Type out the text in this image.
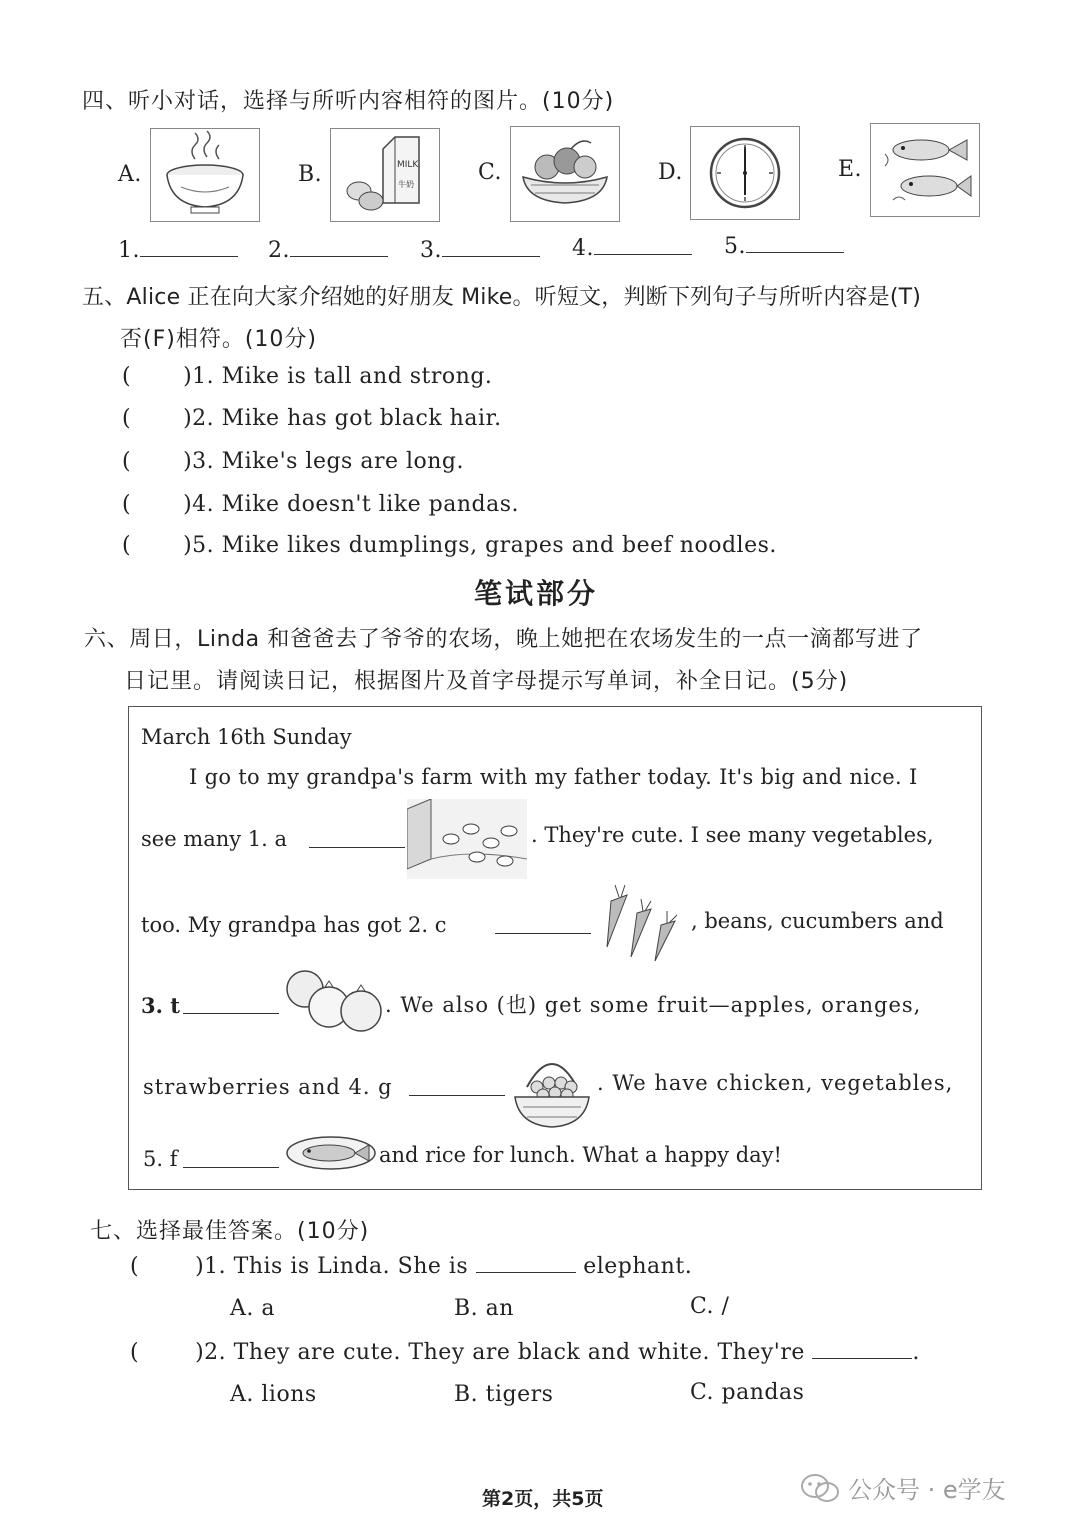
四、听小对话，选择与所听内容相符的图片。(10分)
A.	B.	MILK
牛奶	C.	D.	E.
1.	2.	3.	4.	5.
五、Alice 正在向大家介绍她的好朋友 Mike。听短文，判断下列句子与所听内容是(T)
否(F)相符。(10分)
( )1. Mike is tall and strong.
( )2. Mike has got black hair.
( )3. Mike's legs are long.
( )4. Mike doesn't like pandas.
( )5. Mike likes dumplings, grapes and beef noodles.
笔试部分
六、周日，Linda 和爸爸去了爷爷的农场，晚上她把在农场发生的一点一滴都写进了
日记里。请阅读日记，根据图片及首字母提示写单词，补全日记。(5分)
March 16th Sunday
I go to my grandpa's farm with my father today. It's big and nice. I
see many 1. a	. They're cute. I see many vegetables,
too. My grandpa has got 2. c	, beans, cucumbers and
3. t	. We also (也) get some fruit—apples, oranges,
strawberries and 4. g	. We have chicken, vegetables,
5. f	and rice for lunch. What a happy day!
七、选择最佳答案。(10分)
(	)1. This is Linda. She is	elephant.
A. a	B. an	C. /
(	)2. They are cute. They are black and white. They're	.
A. lions	B. tigers	C. pandas
第2页，共5页	公众号 · e学友
